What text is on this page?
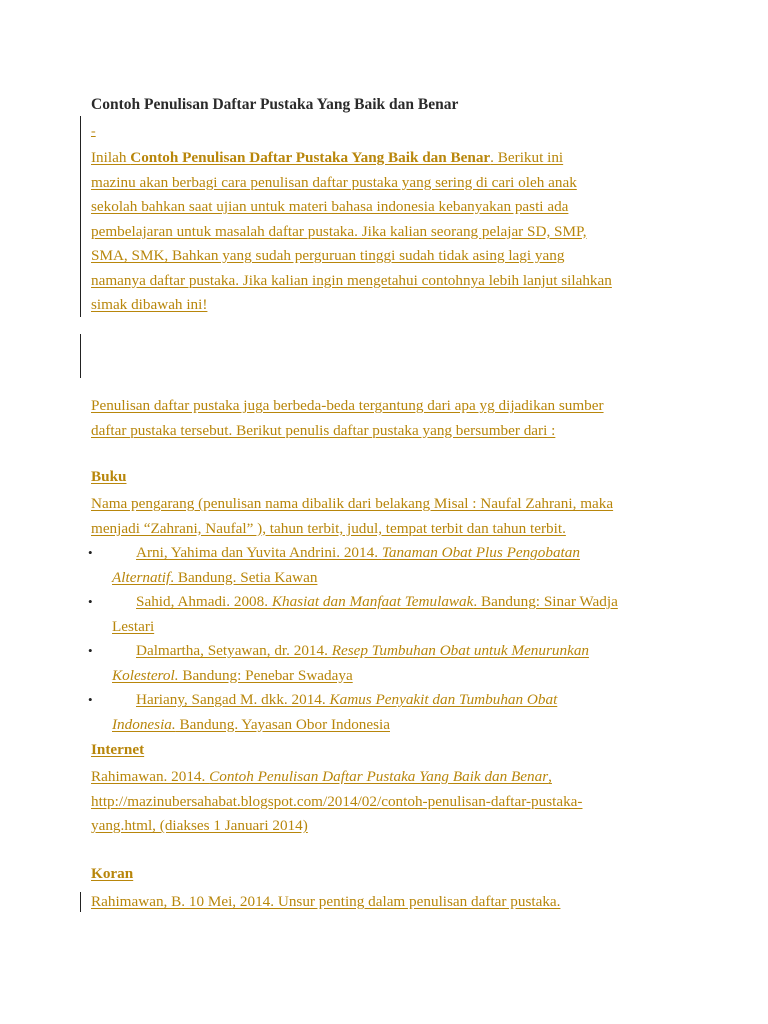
Contoh Penulisan Daftar Pustaka Yang Baik dan Benar
-
Inilah Contoh Penulisan Daftar Pustaka Yang Baik dan Benar. Berikut ini
mazinu akan berbagi cara penulisan daftar pustaka yang sering di cari oleh anak
sekolah bahkan saat ujian untuk materi bahasa indonesia kebanyakan pasti ada
pembelajaran untuk masalah daftar pustaka. Jika kalian seorang pelajar SD, SMP,
SMA, SMK, Bahkan yang sudah perguruan tinggi sudah tidak asing lagi yang
namanya daftar pustaka. Jika kalian ingin mengetahui contohnya lebih lanjut silahkan
simak dibawah ini!
Penulisan daftar pustaka juga berbeda-beda tergantung dari apa yg dijadikan sumber
daftar pustaka tersebut. Berikut penulis daftar pustaka yang bersumber dari :
Buku
Nama pengarang (penulisan nama dibalik dari belakang Misal : Naufal Zahrani, maka
menjadi “Zahrani, Naufal” ), tahun terbit, judul, tempat terbit dan tahun terbit.
•	Arni, Yahima dan Yuvita Andrini. 2014. Tanaman Obat Plus Pengobatan
Alternatif. Bandung. Setia Kawan
•	Sahid, Ahmadi. 2008. Khasiat dan Manfaat Temulawak. Bandung: Sinar Wadja
Lestari
•	Dalmartha, Setyawan, dr. 2014. Resep Tumbuhan Obat untuk Menurunkan
Kolesterol. Bandung: Penebar Swadaya
•	Hariany, Sangad M. dkk. 2014. Kamus Penyakit dan Tumbuhan Obat
Indonesia. Bandung. Yayasan Obor Indonesia
Internet
Rahimawan. 2014. Contoh Penulisan Daftar Pustaka Yang Baik dan Benar,
http://mazinubersahabat.blogspot.com/2014/02/contoh-penulisan-daftar-pustaka-
yang.html, (diakses 1 Januari 2014)
Koran
Rahimawan, B. 10 Mei, 2014. Unsur penting dalam penulisan daftar pustaka.
